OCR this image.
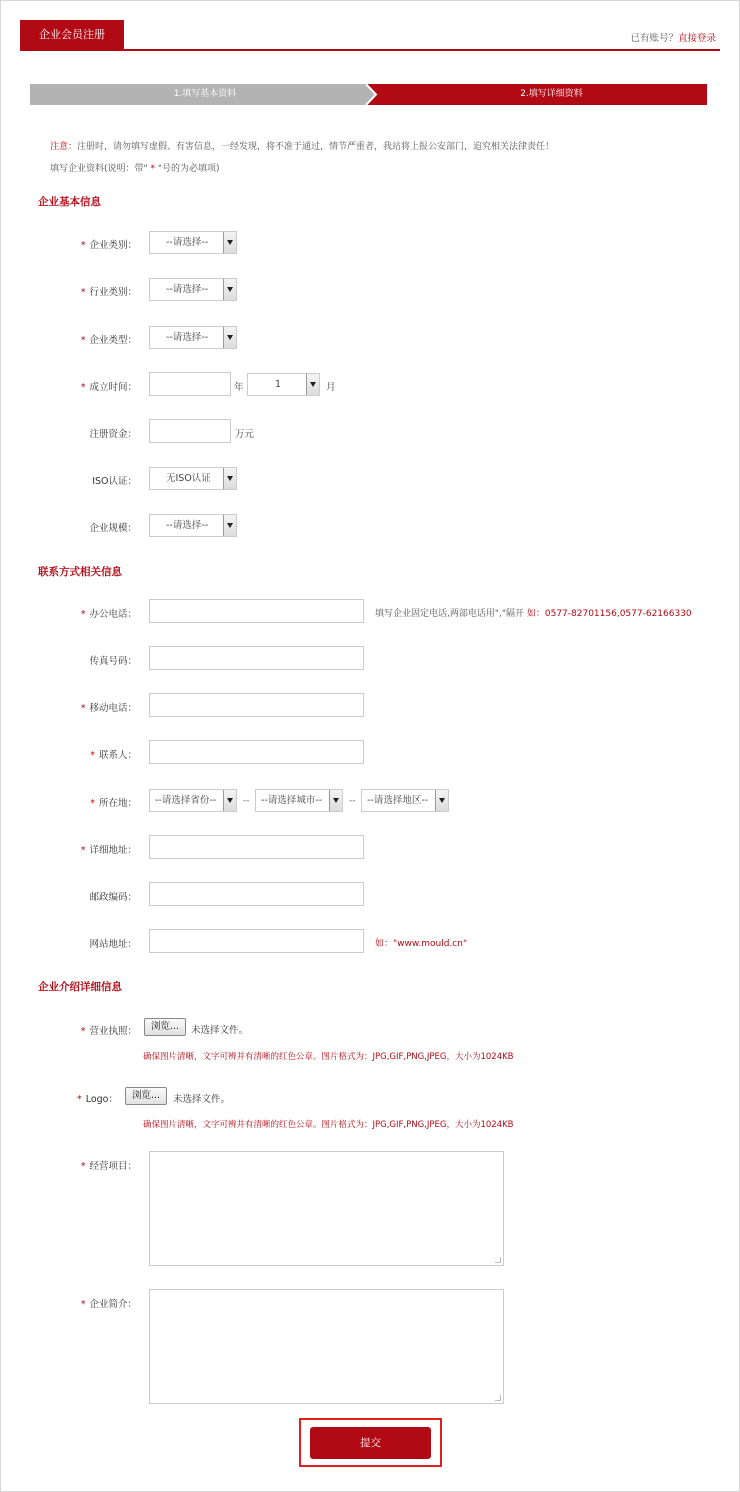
企业会员注册	已有账号？直接登录
1.填写基本资料	2.填写详细资料
注意：注册时，请勿填写虚假、有害信息，一经发现，将不准于通过，情节严重者，我站将上报公安部门，追究相关法律责任！
填写企业资料(说明：带" * "号的为必填项)
企业基本信息
* 企业类别：	--请选择--
* 行业类别：	--请选择--
* 企业类型：	--请选择--
* 成立时间：	年	1	月
注册资金：	万元
ISO认证：	无ISO认证
企业规模：	--请选择--
联系方式相关信息
* 办公电话：	填写企业固定电话,两部电话用","隔开 如：0577-82701156,0577-62166330
传真号码：
* 移动电话：
* 联系人：
* 所在地：	--请选择省份--	--	--请选择城市--	--	--请选择地区--
* 详细地址：
邮政编码：
网站地址：	如："www.mould.cn"
企业介绍详细信息
* 营业执照：	浏览...	未选择文件。
确保图片清晰，文字可辨并有清晰的红色公章。图片格式为：JPG,GIF,PNG,JPEG，大小为1024KB
* Logo：	浏览...	未选择文件。
确保图片清晰，文字可辨并有清晰的红色公章。图片格式为：JPG,GIF,PNG,JPEG，大小为1024KB
* 经营项目：
* 企业简介：
提交
